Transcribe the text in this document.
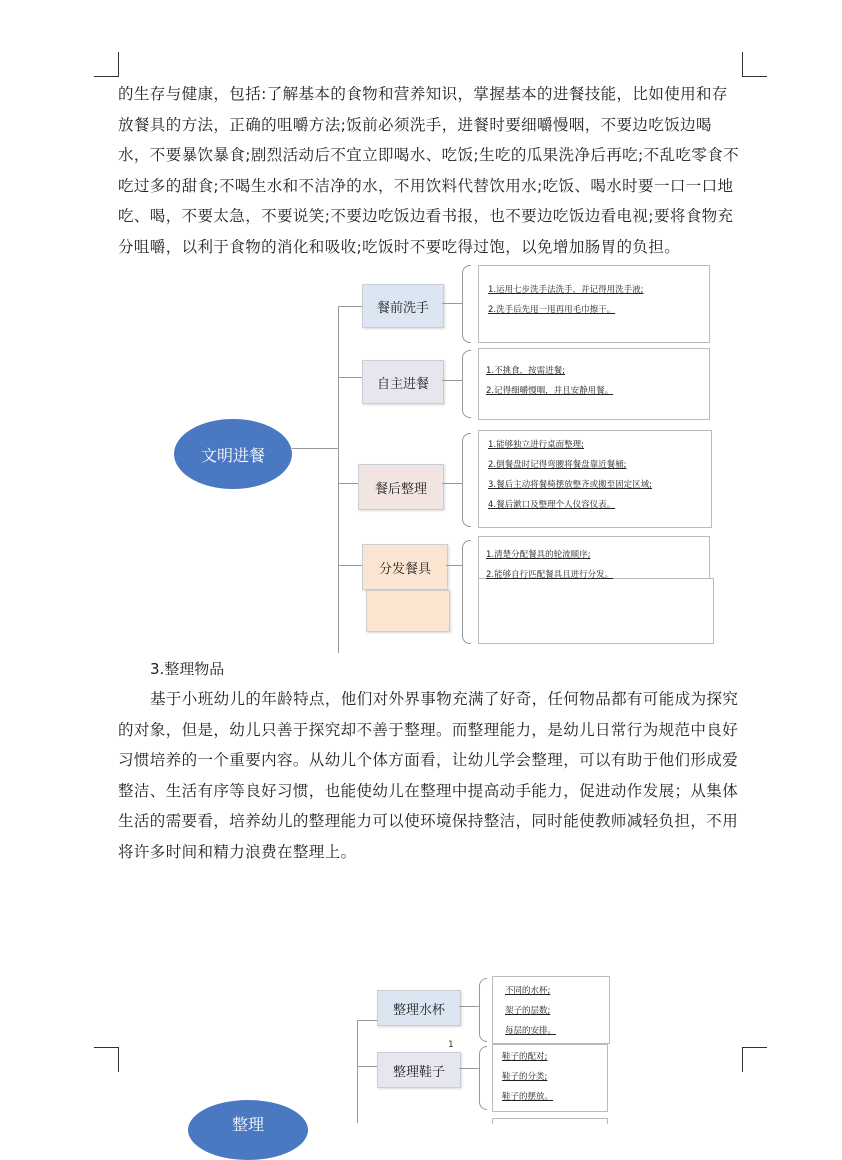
的生存与健康，包括:了解基本的食物和营养知识，掌握基本的进餐技能，比如使用和存放餐具的方法，正确的咀嚼方法;饭前必须洗手，进餐时要细嚼慢咽，不要边吃饭边喝水，不要暴饮暴食;剧烈活动后不宜立即喝水、吃饭;生吃的瓜果洗净后再吃;不乱吃零食不吃过多的甜食;不喝生水和不洁净的水，不用饮料代替饮用水;吃饭、喝水时要一口一口地吃、喝，不要太急，不要说笑;不要边吃饭边看书报，也不要边吃饭边看电视;要将食物充分咀嚼，以利于食物的消化和吸收;吃饭时不要吃得过饱，以免增加肠胃的负担。

文明进餐
餐前洗手
1.运用七步洗手法洗手，并记得用洗手液;
2.洗手后先甩一甩再用毛巾擦干。
自主进餐
1.不挑食，按需进餐;
2.记得细嚼慢咽，并且安静用餐。
餐后整理
1.能够独立进行桌面整理;
2.倒餐盘时记得弯腰将餐盘靠近餐桶;
3.餐后主动将餐椅摆放整齐或搬至固定区域;
4.餐后漱口及整理个人仪容仪表。
分发餐具
1.清楚分配餐具的轮流顺序;
2.能够自行匹配餐具且进行分发。

3.整理物品

基于小班幼儿的年龄特点，他们对外界事物充满了好奇，任何物品都有可能成为探究的对象，但是，幼儿只善于探究却不善于整理。而整理能力，是幼儿日常行为规范中良好习惯培养的一个重要内容。从幼儿个体方面看，让幼儿学会整理，可以有助于他们形成爱整洁、生活有序等良好习惯，也能使幼儿在整理中提高动手能力，促进动作发展；从集体生活的需要看，培养幼儿的整理能力可以使环境保持整洁，同时能使教师减轻负担，不用将许多时间和精力浪费在整理上。

整理水杯
不同的水杯;
架子的层数;
每层的安排。
整理鞋子
鞋子的配对;
鞋子的分类;
鞋子的摆放。
整理
1
